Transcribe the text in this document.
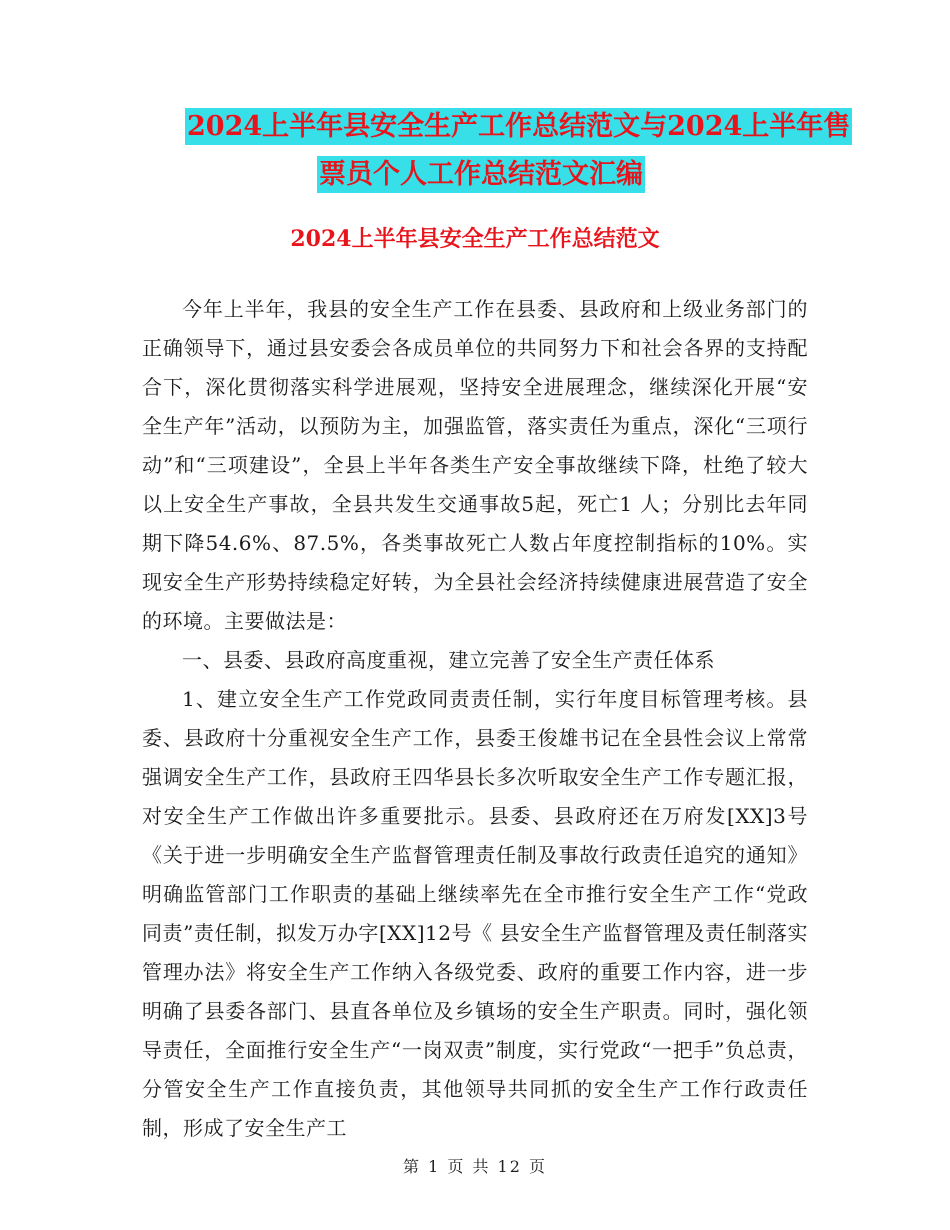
2024上半年县安全生产工作总结范文与2024上半年售
票员个人工作总结范文汇编
2024上半年县安全生产工作总结范文

今年上半年，我县的安全生产工作在县委、县政府和上级业务部门的正确领导下，通过县安委会各成员单位的共同努力下和社会各界的支持配合下，深化贯彻落实科学进展观，坚持安全进展理念，继续深化开展“安全生产年”活动，以预防为主，加强监管，落实责任为重点，深化“三项行动”和“三项建设”，全县上半年各类生产安全事故继续下降，杜绝了较大以上安全生产事故，全县共发生交通事故5起，死亡1 人；分别比去年同期下降54.6%、87.5%，各类事故死亡人数占年度控制指标的10%。实现安全生产形势持续稳定好转，为全县社会经济持续健康进展营造了安全的环境。主要做法是：

一、县委、县政府高度重视，建立完善了安全生产责任体系

1、建立安全生产工作党政同责责任制，实行年度目标管理考核。县委、县政府十分重视安全生产工作，县委王俊雄书记在全县性会议上常常强调安全生产工作，县政府王四华县长多次听取安全生产工作专题汇报，对安全生产工作做出许多重要批示。县委、县政府还在万府发[XX]3号《关于进一步明确安全生产监督管理责任制及事故行政责任追究的通知》明确监管部门工作职责的基础上继续率先在全市推行安全生产工作“党政同责”责任制，拟发万办字[XX]12号《 县安全生产监督管理及责任制落实管理办法》将安全生产工作纳入各级党委、政府的重要工作内容，进一步明确了县委各部门、县直各单位及乡镇场的安全生产职责。同时，强化领导责任，全面推行安全生产“一岗双责”制度，实行党政“一把手”负总责，分管安全生产工作直接负责，其他领导共同抓的安全生产工作行政责任制，形成了安全生产工

第 1 页 共 12 页
